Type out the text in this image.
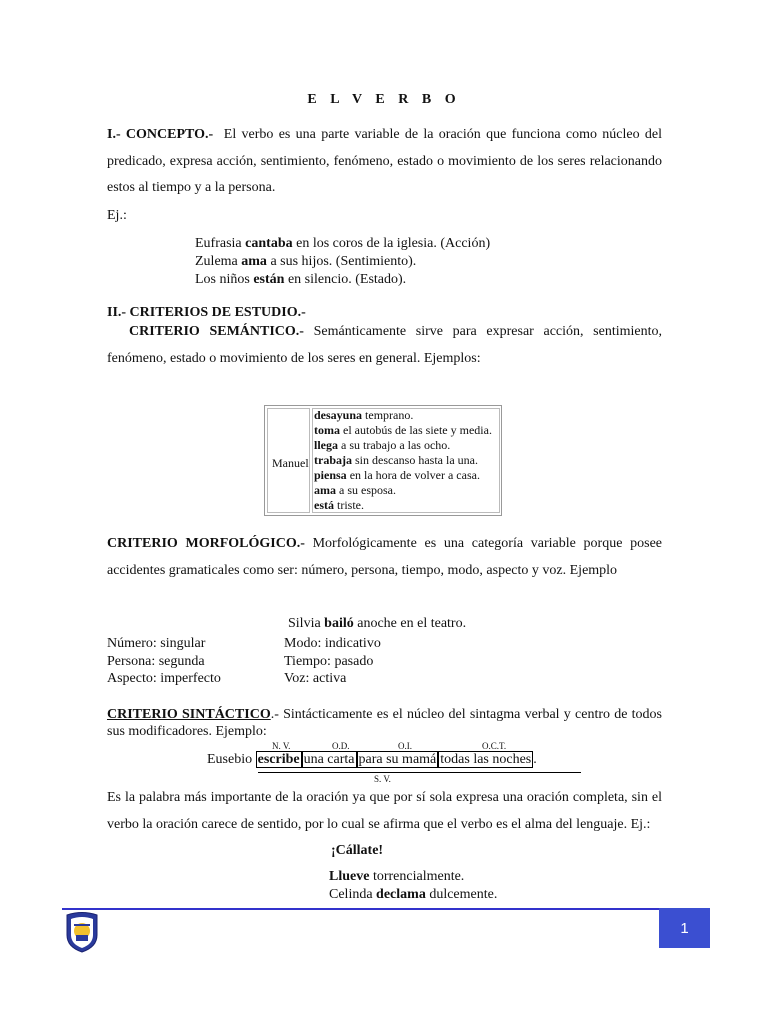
E L V E R B O
I.- CONCEPTO.- El verbo es una parte variable de la oración que funciona como núcleo del predicado, expresa acción, sentimiento, fenómeno, estado o movimiento de los seres relacionando estos al tiempo y a la persona.
Ej.:
Eufrasia cantaba en los coros de la iglesia. (Acción)
Zulema ama a sus hijos. (Sentimiento).
Los niños están en silencio. (Estado).
II.- CRITERIOS DE ESTUDIO.-
CRITERIO SEMÁNTICO.- Semánticamente sirve para expresar acción, sentimiento, fenómeno, estado o movimiento de los seres en general. Ejemplos:
Manuel
desayuna temprano.
toma el autobús de las siete y media.
llega a su trabajo a las ocho.
trabaja sin descanso hasta la una.
piensa en la hora de volver a casa.
ama a su esposa.
está triste.
CRITERIO MORFOLÓGICO.- Morfológicamente es una categoría variable porque posee accidentes gramaticales como ser: número, persona, tiempo, modo, aspecto y voz. Ejemplo
Silvia bailó anoche en el teatro.
Número: singular
Persona: segunda
Aspecto: imperfecto
Modo: indicativo
Tiempo: pasado
Voz: activa
CRITERIO SINTÁCTICO.- Sintácticamente es el núcleo del sintagma verbal y centro de todos sus modificadores. Ejemplo:
N. V.	O.D.	O.I.	O.C.T.
Eusebio escribe una carta para su mamá todas las noches .
S. V.
Es la palabra más importante de la oración ya que por sí sola expresa una oración completa, sin el verbo la oración carece de sentido, por lo cual se afirma que el verbo es el alma del lenguaje. Ej.:
¡Cállate!
Llueve torrencialmente.
Celinda declama dulcemente.
1
